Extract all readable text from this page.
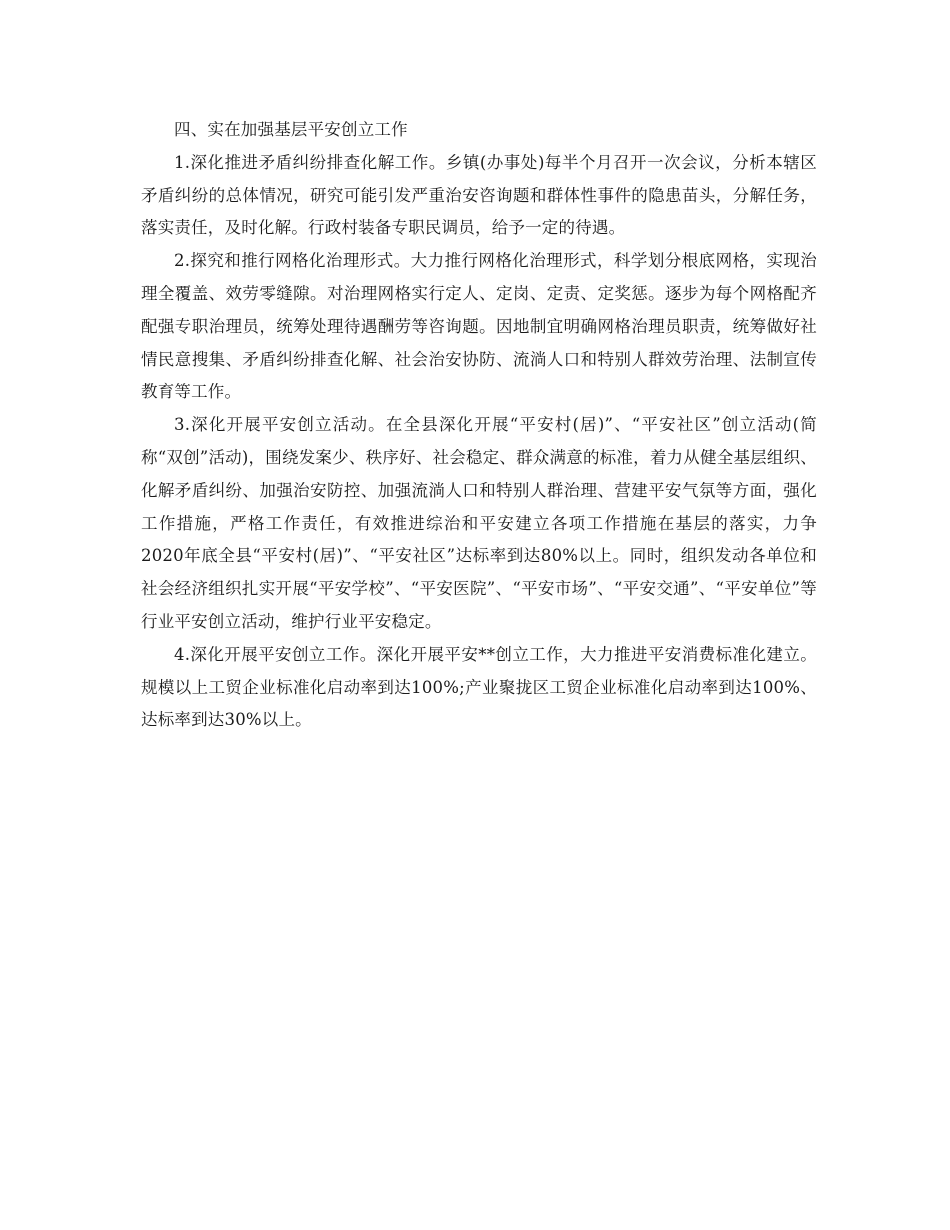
四、实在加强基层平安创立工作

1.深化推进矛盾纠纷排查化解工作。乡镇(办事处)每半个月召开一次会议，分析本辖区矛盾纠纷的总体情况，研究可能引发严重治安咨询题和群体性事件的隐患苗头，分解任务，落实责任，及时化解。行政村装备专职民调员，给予一定的待遇。

2.探究和推行网格化治理形式。大力推行网格化治理形式，科学划分根底网格，实现治理全覆盖、效劳零缝隙。对治理网格实行定人、定岗、定责、定奖惩。逐步为每个网格配齐配强专职治理员，统筹处理待遇酬劳等咨询题。因地制宜明确网格治理员职责，统筹做好社情民意搜集、矛盾纠纷排查化解、社会治安协防、流淌人口和特别人群效劳治理、法制宣传教育等工作。

3.深化开展平安创立活动。在全县深化开展“平安村(居)”、“平安社区”创立活动(简称“双创”活动)，围绕发案少、秩序好、社会稳定、群众满意的标准，着力从健全基层组织、化解矛盾纠纷、加强治安防控、加强流淌人口和特别人群治理、营建平安气氛等方面，强化工作措施，严格工作责任，有效推进综治和平安建立各项工作措施在基层的落实，力争2020年底全县“平安村(居)”、“平安社区”达标率到达80%以上。同时，组织发动各单位和社会经济组织扎实开展“平安学校”、“平安医院”、“平安市场”、“平安交通”、“平安单位”等行业平安创立活动，维护行业平安稳定。

4.深化开展平安创立工作。深化开展平安**创立工作，大力推进平安消费标准化建立。规模以上工贸企业标准化启动率到达100%;产业聚拢区工贸企业标准化启动率到达100%、达标率到达30%以上。
